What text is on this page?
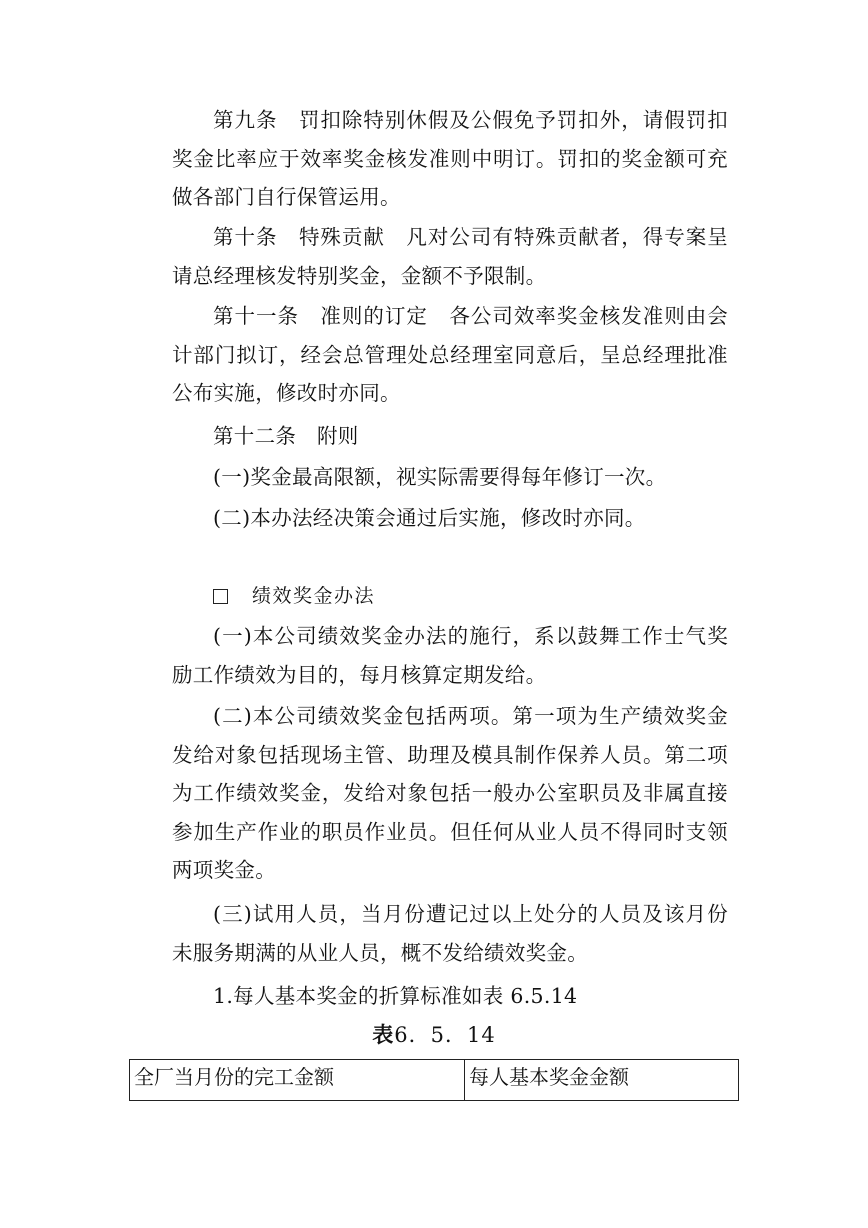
第九条　罚扣除特别休假及公假免予罚扣外，请假罚扣奖金比率应于效率奖金核发准则中明订。罚扣的奖金额可充做各部门自行保管运用。

第十条　特殊贡献　凡对公司有特殊贡献者，得专案呈请总经理核发特别奖金，金额不予限制。

第十一条　准则的订定　各公司效率奖金核发准则由会计部门拟订，经会总管理处总经理室同意后，呈总经理批准公布实施，修改时亦同。

第十二条　附则

(一)奖金最高限额，视实际需要得每年修订一次。

(二)本办法经决策会通过后实施，修改时亦同。

绩效奖金办法

(一)本公司绩效奖金办法的施行，系以鼓舞工作士气奖励工作绩效为目的，每月核算定期发给。

(二)本公司绩效奖金包括两项。第一项为生产绩效奖金发给对象包括现场主管、助理及模具制作保养人员。第二项为工作绩效奖金，发给对象包括一般办公室职员及非属直接参加生产作业的职员作业员。但任何从业人员不得同时支领两项奖金。

(三)试用人员，当月份遭记过以上处分的人员及该月份未服务期满的从业人员，概不发给绩效奖金。

1.每人基本奖金的折算标准如表 6.5.14

表6．5．14
全厂当月份的完工金额	每人基本奖金金额
